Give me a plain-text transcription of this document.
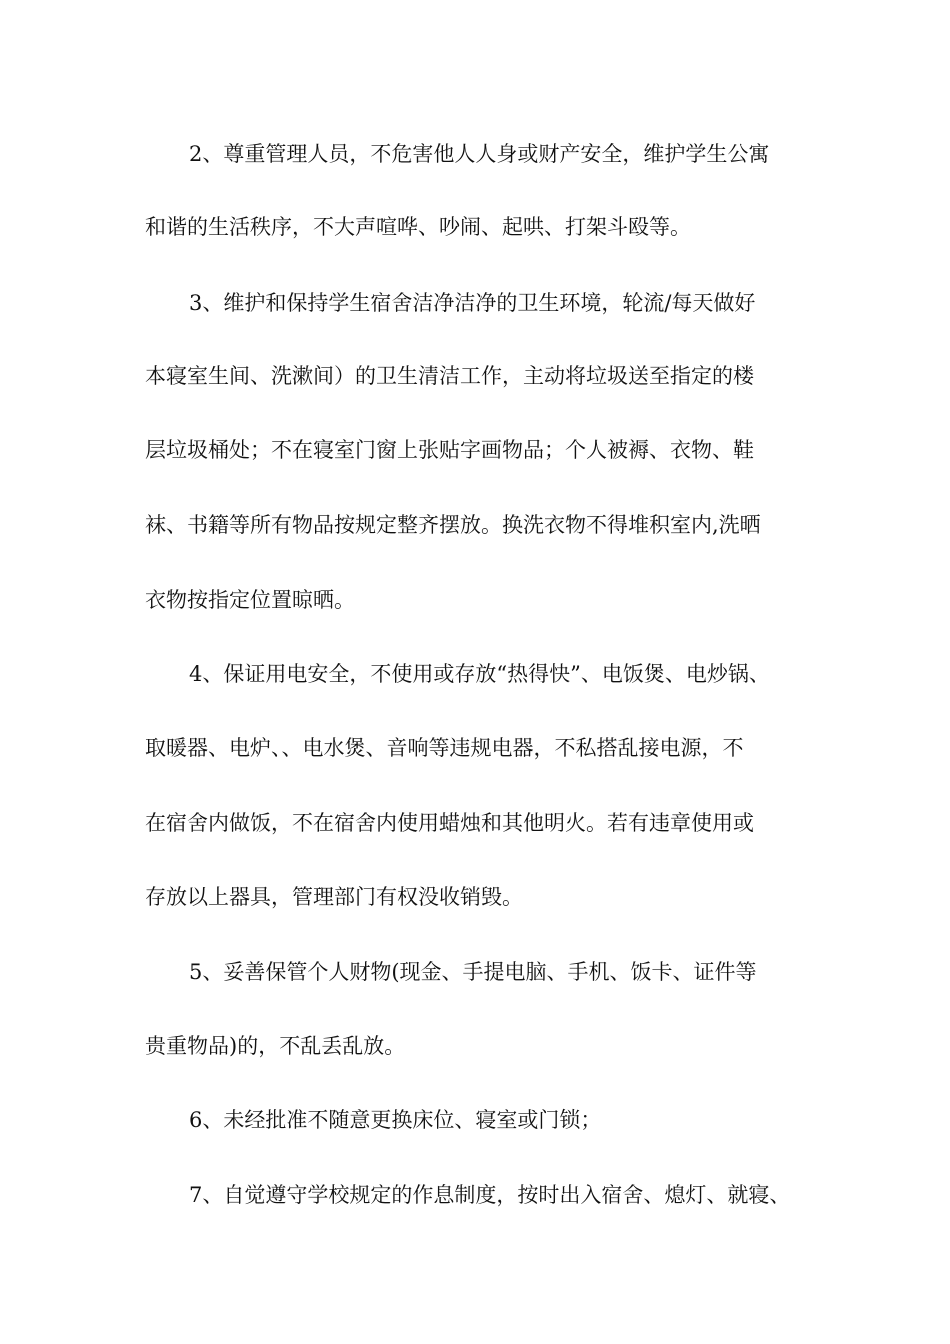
2、尊重管理人员，不危害他人人身或财产安全，维护学生公寓
和谐的生活秩序，不大声喧哗、吵闹、起哄、打架斗殴等。
3、维护和保持学生宿舍洁净洁净的卫生环境，轮流/每天做好
本寝室生间、洗漱间）的卫生清洁工作，主动将垃圾送至指定的楼
层垃圾桶处；不在寝室门窗上张贴字画物品；个人被褥、衣物、鞋
袜、书籍等所有物品按规定整齐摆放。换洗衣物不得堆积室内,洗晒
衣物按指定位置晾晒。
4、保证用电安全，不使用或存放“热得快”、电饭煲、电炒锅、
取暖器、电炉、、电水煲、音响等违规电器，不私搭乱接电源，不
在宿舍内做饭，不在宿舍内使用蜡烛和其他明火。若有违章使用或
存放以上器具，管理部门有权没收销毁。
5、妥善保管个人财物(现金、手提电脑、手机、饭卡、证件等
贵重物品)的，不乱丢乱放。
6、未经批准不随意更换床位、寝室或门锁；
7、自觉遵守学校规定的作息制度，按时出入宿舍、熄灯、就寝、
